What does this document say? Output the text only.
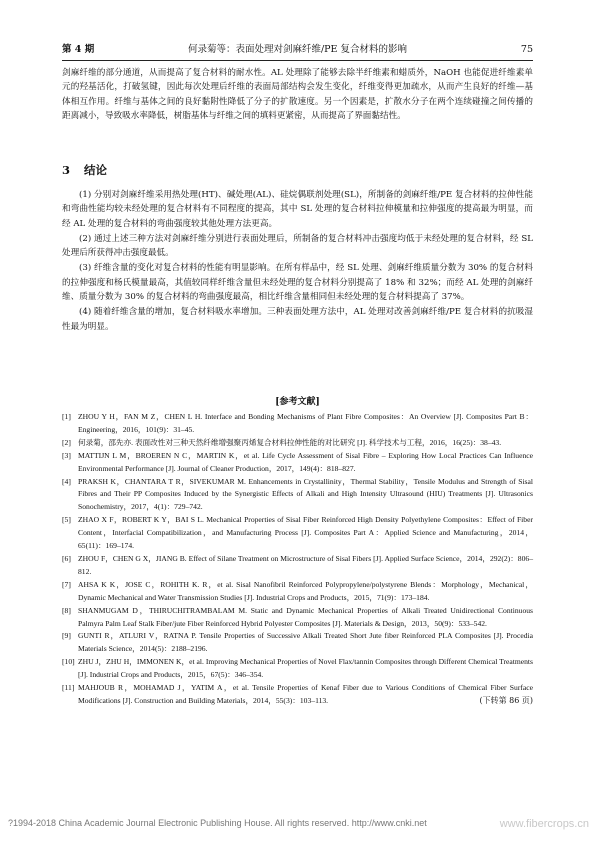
第 4 期	何录菊等：表面处理对剑麻纤维/PE 复合材料的影响	75

剑麻纤维的部分通道，从而提高了复合材料的耐水性。AL 处理除了能够去除半纤维素和蜡质外，NaOH 也能促进纤维素单元的羟基活化，打破氢键，因此每次处理后纤维的表面局部结构会发生变化，纤维变得更加疏水，从而产生良好的纤维—基体相互作用。纤维与基体之间的良好黏附性降低了分子的扩散速度。另一个因素是，扩散水分子在两个连续碰撞之间传播的距离减小，导致吸水率降低，树脂基体与纤维之间的填料更紧密，从而提高了界面黏结性。

3 结论

(1) 分别对剑麻纤维采用热处理(HT)、碱处理(AL)、硅烷偶联剂处理(SL)，所制备的剑麻纤维/PE 复合材料的拉伸性能和弯曲性能均较未经处理的复合材料有不同程度的提高，其中 SL 处理的复合材料拉伸模量和拉伸强度的提高最为明显，而经 AL 处理的复合材料的弯曲强度较其他处理方法更高。

(2) 通过上述三种方法对剑麻纤维分别进行表面处理后，所制备的复合材料冲击强度均低于未经处理的复合材料，经 SL 处理后所获得冲击强度最低。

(3) 纤维含量的变化对复合材料的性能有明显影响。在所有样品中，经 SL 处理、剑麻纤维质量分数为 30% 的复合材料的拉伸强度和杨氏模量最高，其值较同样纤维含量但未经处理的复合材料分别提高了 18% 和 32%；而经 AL 处理的剑麻纤维、质量分数为 30% 的复合材料的弯曲强度最高，相比纤维含量相同但未经处理的复合材料提高了 37%。

(4) 随着纤维含量的增加，复合材料吸水率增加。三种表面处理方法中，AL 处理对改善剑麻纤维/PE 复合材料的抗吸湿性最为明显。

[参考文献]

[1] ZHOU Y H，FAN M Z，CHEN L H. Interface and Bonding Mechanisms of Plant Fibre Composites：An Overview [J]. Composites Part B：Engineering，2016，101(9)：31–45.

[2] 何录菊，邵先亦. 表面改性对三种天然纤维增强聚丙烯复合材料拉伸性能的对比研究 [J]. 科学技术与工程，2016，16(25)：38–43.

[3] MATTIJN L M，BROEREN N C，MARTIN K，et al. Life Cycle Assessment of Sisal Fibre – Exploring How Local Practices Can Influence Environmental Performance [J]. Journal of Cleaner Production，2017，149(4)：818–827.

[4] PRAKSH K，CHANTARA T R，SIVEKUMAR M. Enhancements in Crystallinity，Thermal Stability，Tensile Modulus and Strength of Sisal Fibres and Their PP Composites Induced by the Synergistic Effects of Alkali and High Intensity Ultrasound (HIU) Treatments [J]. Ultrasonics Sonochemistry，2017，4(1)：729–742.

[5] ZHAO X F，ROBERT K Y，BAI S L. Mechanical Properties of Sisal Fiber Reinforced High Density Polyethylene Composites：Effect of Fiber Content，Interfacial Compatibilization，and Manufacturing Process [J]. Composites Part A：Applied Science and Manufacturing，2014，65(11)：169–174.

[6] ZHOU F，CHEN G X，JIANG B. Effect of Silane Treatment on Microstructure of Sisal Fibers [J]. Applied Surface Science，2014，292(2)：806–812.

[7] AHSA K K，JOSE C，ROHITH K. R，et al. Sisal Nanofibril Reinforced Polypropylene/polystyrene Blends：Morphology，Mechanical，Dynamic Mechanical and Water Transmission Studies [J]. Industrial Crops and Products，2015，71(9)：173–184.

[8] SHANMUGAM D，THIRUCHITRAMBALAM M. Static and Dynamic Mechanical Properties of Alkali Treated Unidirectional Continuous Palmyra Palm Leaf Stalk Fiber/jute Fiber Reinforced Hybrid Polyester Composites [J]. Materials & Design，2013，50(9)：533–542.

[9] GUNTI R，ATLURI V，RATNA P. Tensile Properties of Successive Alkali Treated Short Jute fiber Reinforced PLA Composites [J]. Procedia Materials Science，2014(5)：2188–2196.

[10] ZHU J，ZHU H，IMMONEN K，et al. Improving Mechanical Properties of Novel Flax/tannin Composites through Different Chemical Treatments [J]. Industrial Crops and Products，2015，67(5)：346–354.

[11] MAHJOUB R，MOHAMAD J，YATIM A，et al. Tensile Properties of Kenaf Fiber due to Various Conditions of Chemical Fiber Surface Modifications [J]. Construction and Building Materials，2014，55(3)：103–113.	(下转第 86 页)

?1994-2018 China Academic Journal Electronic Publishing House. All rights reserved. http://www.cnki.net	www.fibercrops.cn
